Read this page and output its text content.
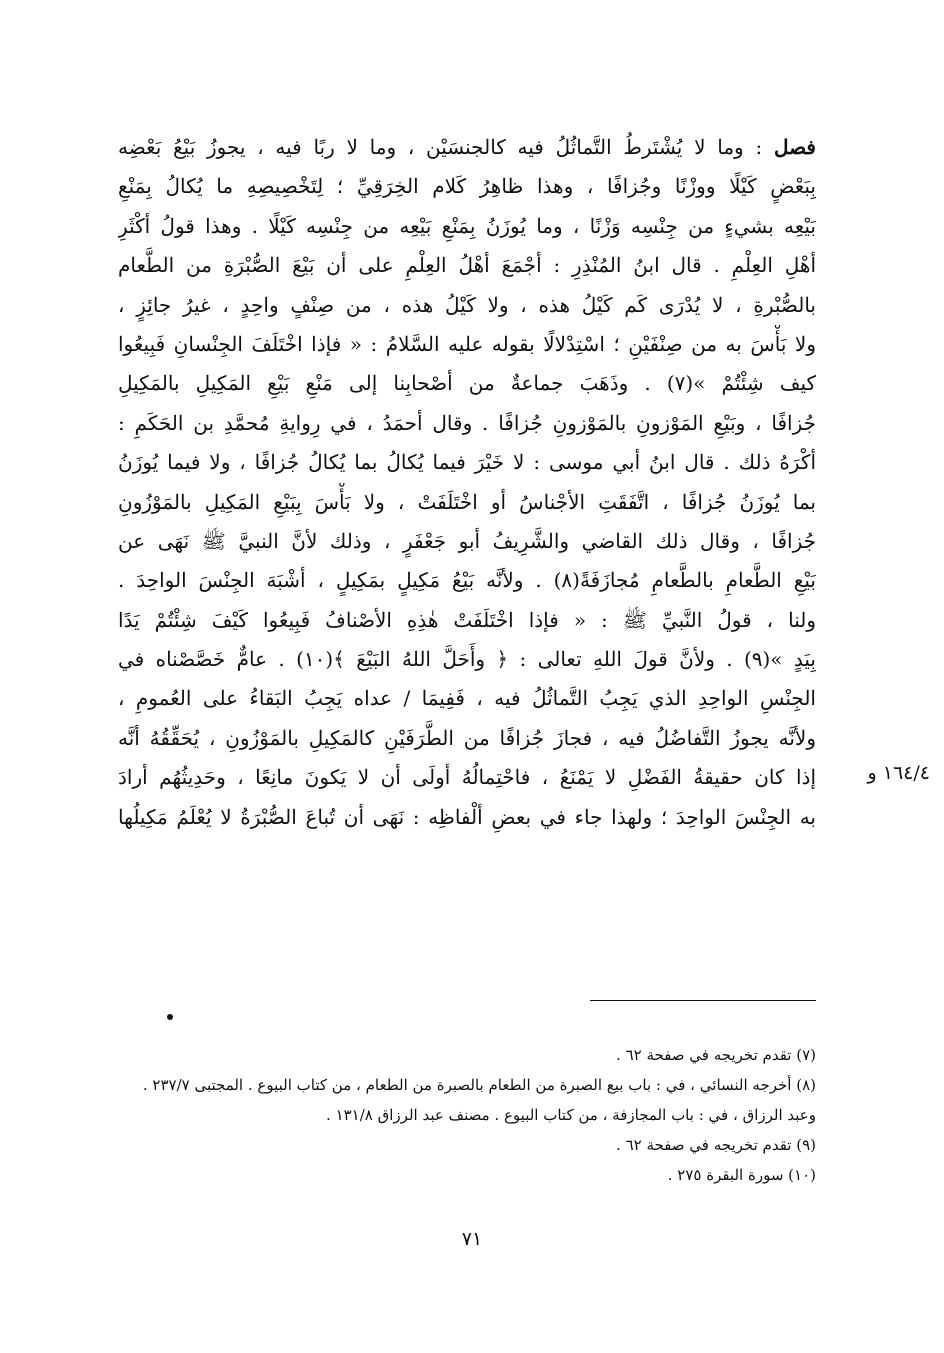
فصل : وما لا يُشْتَرطُ التَّماثُلُ فيه كالجنسَيْن ، وما لا ربًا فيه ، يجوزُ بَيْعُ بَعْضِه
بِبَعْضٍ كَيْلًا ووزْنًا وجُزافًا ، وهذا ظاهِرُ كَلام الخِرَقِيِّ ؛ لِتَخْصِيصِهِ ما يُكالُ بِمَنْعِ
بَيْعِه بشيءٍ من جِنْسِه وَزْنًا ، وما يُوزَنُ بِمَنْعِ بَيْعِه من جِنْسِه كَيْلًا . وهذا قولُ أكْثَرِ
أهْلِ العِلْمِ . قال ابنُ المُنْذِرِ : أجْمَعَ أهْلُ العِلْمِ على أن بَيْعَ الصُّبْرَةِ من الطَّعام
بالصُّبْرةِ ، لا يُدْرَى كَم كَيْلُ هذه ، ولا كَيْلُ هذه ، من صِنْفٍ واحِدٍ ، غيرُ جائِزٍ ،
ولا بَأْسَ به من صِنْفَيْنِ ؛ اسْتِدْلالًا بقوله عليه السَّلامُ : « فإذا اخْتَلَفَ الجِنْسانِ فَبِيعُوا
كيف شِئْتُمْ »(٧) . وذَهَبَ جماعةٌ من أصْحابِنا إلى مَنْعِ بَيْعِ المَكِيلِ بالمَكِيلِ
جُزافًا ، وبَيْعِ المَوْزونِ بالمَوْزونِ جُزافًا . وقال أحمَدُ ، في رِوايةِ مُحمَّدِ بن الحَكَمِ :
أكْرَهُ ذلك . قال ابنُ أبي موسى : لا خَيْرَ فيما يُكالُ بما يُكالُ جُزافًا ، ولا فيما يُوزَنُ
بما يُوزَنُ جُزافًا ، اتَّفَقَتِ الأجْناسُ أو اخْتَلَفَتْ ، ولا بَأْسَ بِبَيْعِ المَكِيلِ بالمَوْزُونِ
جُزافًا ، وقال ذلك القاضي والشَّرِيفُ أبو جَعْفَرٍ ، وذلك لأنَّ النبيَّ ﷺ نَهَى عن
بَيْعِ الطَّعامِ بالطَّعامِ مُجازَفَةً(٨) . ولأنَّه بَيْعُ مَكِيلٍ بمَكِيلٍ ، أشْبَهَ الجِنْسَ الواحِدَ .
ولنا ، قولُ النَّبيِّ ﷺ : « فإذا اخْتَلَفَتْ هٰذِهِ الأصْنافُ فَبِيعُوا كَيْفَ شِئْتُمْ يَدًا
بِيَدٍ »(٩) . ولأنَّ قولَ اللهِ تعالى : ﴿ وأَحَلَّ اللهُ البَيْعَ ﴾(١٠) . عامٌّ خَصَّصْناه في
الجِنْسِ الواحِدِ الذي يَجِبُ التَّماثُلُ فيه ، فَفِيمَا / عداه يَجِبُ البَقاءُ على العُمومِ ،
ولأنَّه يجوزُ التَّفاضُلُ فيه ، فجازَ جُزافًا من الطَّرَفَيْنِ كالمَكِيلِ بالمَوْزُونِ ، يُحَقِّقُهُ أنَّه
إذا كان حقيقةُ الفَضْلِ لا يَمْنَعُ ، فاحْتِمالُهُ أولَى أن لا يَكونَ مانِعًا ، وحَدِيثُهُم أرادَ
به الجِنْسَ الواحِدَ ؛ ولهذا جاء في بعضِ ألْفاظِه : نَهَى أن تُباعَ الصُّبْرَةُ لا يُعْلَمُ مَكِيلُها
١٦٤/٤ و
(٧) تقدم تخريجه في صفحة ٦٢ .
(٨) أخرجه النسائي ، في : باب بيع الصبرة من الطعام بالصبرة من الطعام ، من كتاب البيوع . المجتبى ٢٣٧/٧ .
وعبد الرزاق ، في : باب المجازفة ، من كتاب البيوع . مصنف عبد الرزاق ١٣١/٨ .
(٩) تقدم تخريجه في صفحة ٦٢ .
(١٠) سورة البقرة ٢٧٥ .
٧١
